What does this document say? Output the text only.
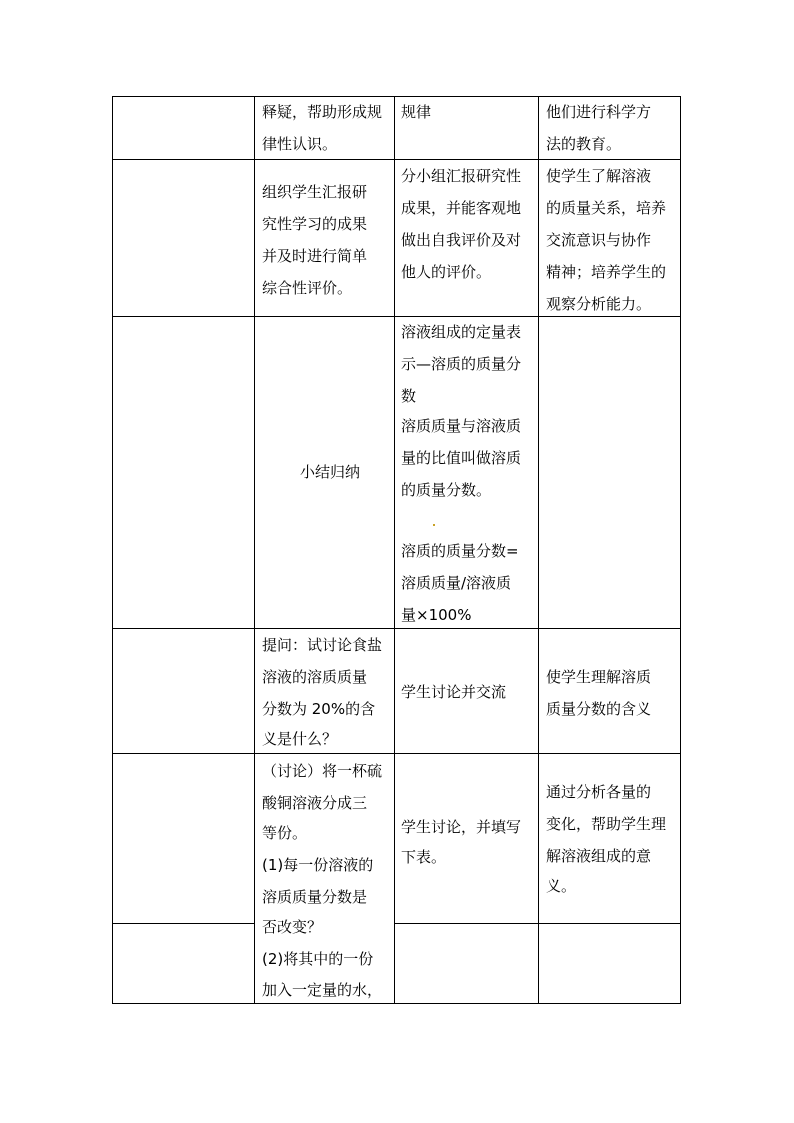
释疑，帮助形成规
律性认识。
规律	他们进行科学方
法的教育。
组织学生汇报研
究性学习的成果
并及时进行简单
综合性评价。
分小组汇报研究性
成果，并能客观地
做出自我评价及对
他人的评价。
使学生了解溶液
的质量关系，培养
交流意识与协作
精神；培养学生的
观察分析能力。
小结归纳
溶液组成的定量表
示—溶质的质量分
数
溶质质量与溶液质
量的比值叫做溶质
的质量分数。
溶质的质量分数=
溶质质量/溶液质
量×100%
提问：试讨论食盐
溶液的溶质质量
分数为 20%的含
义是什么？
学生讨论并交流
使学生理解溶质
质量分数的含义
（讨论）将一杯硫
酸铜溶液分成三
等份。
(1)每一份溶液的
溶质质量分数是
否改变？
(2)将其中的一份
加入一定量的水，
学生讨论，并填写
下表。
通过分析各量的
变化，帮助学生理
解溶液组成的意
义。
